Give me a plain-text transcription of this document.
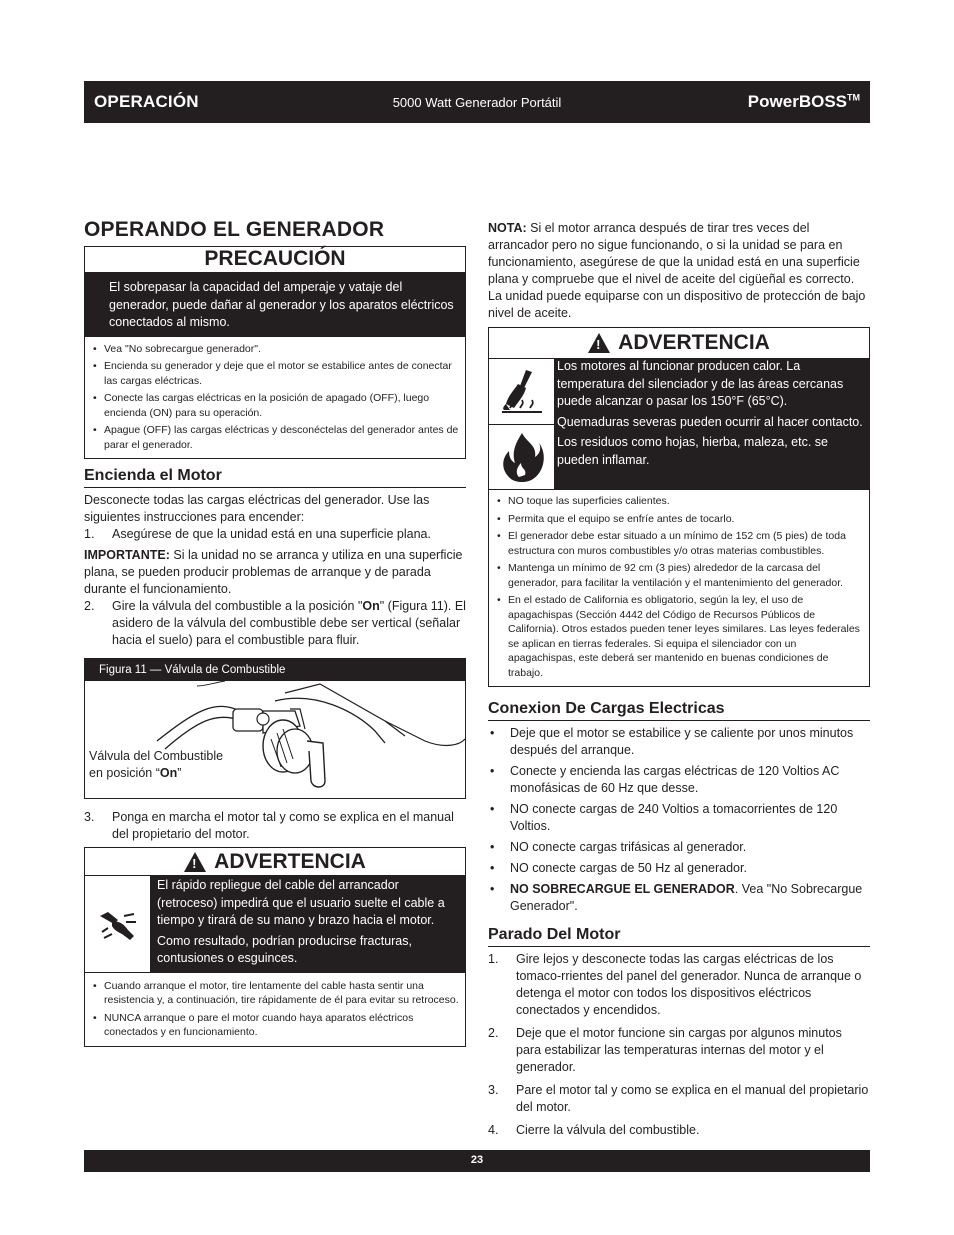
OPERACIÓN	5000 Watt Generador Portátil	PowerBOSS™
OPERANDO EL GENERADOR
PRECAUCIÓN
El sobrepasar la capacidad del amperaje y vataje del generador, puede dañar al generador y los aparatos eléctricos conectados al mismo.
• Vea "No sobrecargue generador".
• Encienda su generador y deje que el motor se estabilice antes de conectar las cargas eléctricas.
• Conecte las cargas eléctricas en la posición de apagado (OFF), luego encienda (ON) para su operación.
• Apague (OFF) las cargas eléctricas y desconéctelas del generador antes de parar el generador.
Encienda el Motor
Desconecte todas las cargas eléctricas del generador. Use las siguientes instrucciones para encender:
1. Asegúrese de que la unidad está en una superficie plana.
IMPORTANTE: Si la unidad no se arranca y utiliza en una superficie plana, se pueden producir problemas de arranque y de parada durante el funcionamiento.
2. Gire la válvula del combustible a la posición "On" (Figura 11). El asidero de la válvula del combustible debe ser vertical (señalar hacia el suelo) para el combustible para fluir.
Figura 11 — Válvula de Combustible
Válvula del Combustible
en posición “On”
3. Ponga en marcha el motor tal y como se explica en el manual del propietario del motor.
! ADVERTENCIA
El rápido repliegue del cable del arrancador (retroceso) impedirá que el usuario suelte el cable a tiempo y tirará de su mano y brazo hacia el motor.
Como resultado, podrían producirse fracturas, contusiones o esguinces.
• Cuando arranque el motor, tire lentamente del cable hasta sentir una resistencia y, a continuación, tire rápidamente de él para evitar su retroceso.
• NUNCA arranque o pare el motor cuando haya aparatos eléctricos conectados y en funcionamiento.
NOTA: Si el motor arranca después de tirar tres veces del arrancador pero no sigue funcionando, o si la unidad se para en funcionamiento, asegúrese de que la unidad está en una superficie plana y compruebe que el nivel de aceite del cigüeñal es correcto. La unidad puede equiparse con un dispositivo de protección de bajo nivel de aceite.
! ADVERTENCIA
Los motores al funcionar producen calor. La temperatura del silenciador y de las áreas cercanas puede alcanzar o pasar los 150°F (65°C).
Quemaduras severas pueden ocurrir al hacer contacto.
Los residuos como hojas, hierba, maleza, etc. se pueden inflamar.
• NO toque las superficies calientes.
• Permita que el equipo se enfríe antes de tocarlo.
• El generador debe estar situado a un mínimo de 152 cm (5 pies) de toda estructura con muros combustibles y/o otras materias combustibles.
• Mantenga un mínimo de 92 cm (3 pies) alrededor de la carcasa del generador, para facilitar la ventilación y el mantenimiento del generador.
• En el estado de California es obligatorio, según la ley, el uso de apagachispas (Sección 4442 del Código de Recursos Públicos de California). Otros estados pueden tener leyes similares. Las leyes federales se aplican en tierras federales. Si equipa el silenciador con un apagachispas, este deberá ser mantenido en buenas condiciones de trabajo.
Conexion De Cargas Electricas
• Deje que el motor se estabilice y se caliente por unos minutos después del arranque.
• Conecte y encienda las cargas eléctricas de 120 Voltios AC monofásicas de 60 Hz que desse.
• NO conecte cargas de 240 Voltios a tomacorrientes de 120 Voltios.
• NO conecte cargas trifásicas al generador.
• NO conecte cargas de 50 Hz al generador.
• NO SOBRECARGUE EL GENERADOR. Vea "No Sobrecargue Generador".
Parado Del Motor
1. Gire lejos y desconecte todas las cargas eléctricas de los tomaco-rrientes del panel del generador. Nunca de arranque o detenga el motor con todos los dispositivos eléctricos conectados y encendidos.
2. Deje que el motor funcione sin cargas por algunos minutos para estabilizar las temperaturas internas del motor y el generador.
3. Pare el motor tal y como se explica en el manual del propietario del motor.
4. Cierre la válvula del combustible.
23
